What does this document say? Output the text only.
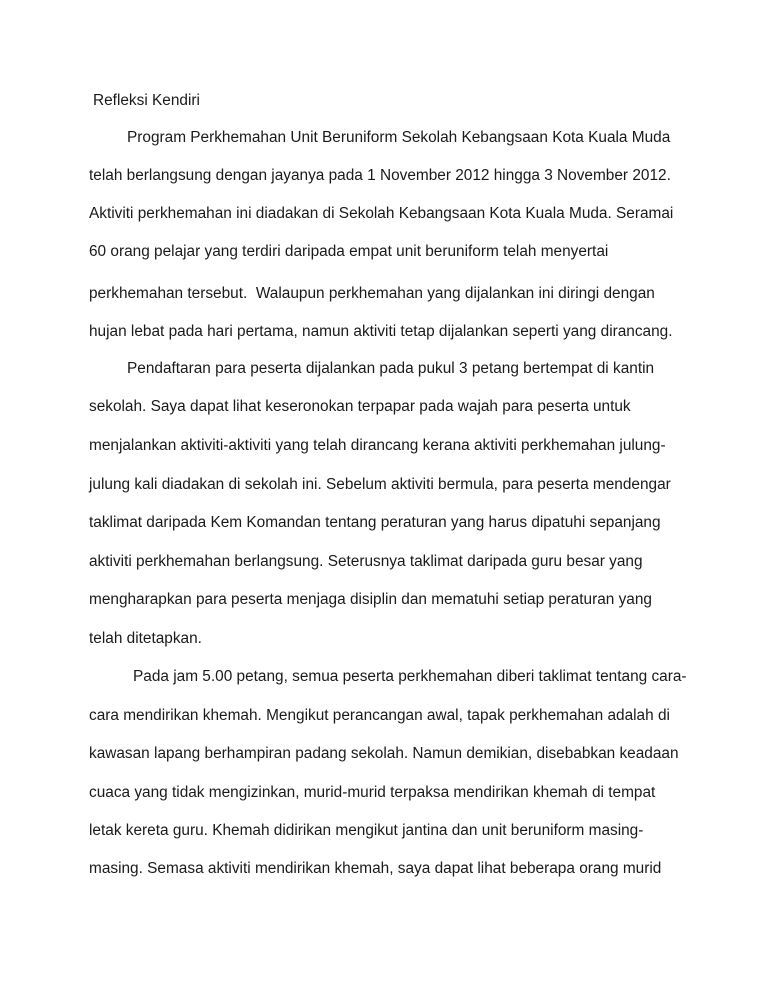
Refleksi Kendiri
Program Perkhemahan Unit Beruniform Sekolah Kebangsaan Kota Kuala Muda
telah berlangsung dengan jayanya pada 1 November 2012 hingga 3 November 2012.
Aktiviti perkhemahan ini diadakan di Sekolah Kebangsaan Kota Kuala Muda. Seramai
60 orang pelajar yang terdiri daripada empat unit beruniform telah menyertai
perkhemahan tersebut.  Walaupun perkhemahan yang dijalankan ini diringi dengan
hujan lebat pada hari pertama, namun aktiviti tetap dijalankan seperti yang dirancang.
Pendaftaran para peserta dijalankan pada pukul 3 petang bertempat di kantin
sekolah. Saya dapat lihat keseronokan terpapar pada wajah para peserta untuk
menjalankan aktiviti-aktiviti yang telah dirancang kerana aktiviti perkhemahan julung-
julung kali diadakan di sekolah ini. Sebelum aktiviti bermula, para peserta mendengar
taklimat daripada Kem Komandan tentang peraturan yang harus dipatuhi sepanjang
aktiviti perkhemahan berlangsung. Seterusnya taklimat daripada guru besar yang
mengharapkan para peserta menjaga disiplin dan mematuhi setiap peraturan yang
telah ditetapkan.
Pada jam 5.00 petang, semua peserta perkhemahan diberi taklimat tentang cara-
cara mendirikan khemah. Mengikut perancangan awal, tapak perkhemahan adalah di
kawasan lapang berhampiran padang sekolah. Namun demikian, disebabkan keadaan
cuaca yang tidak mengizinkan, murid-murid terpaksa mendirikan khemah di tempat
letak kereta guru. Khemah didirikan mengikut jantina dan unit beruniform masing-
masing. Semasa aktiviti mendirikan khemah, saya dapat lihat beberapa orang murid
